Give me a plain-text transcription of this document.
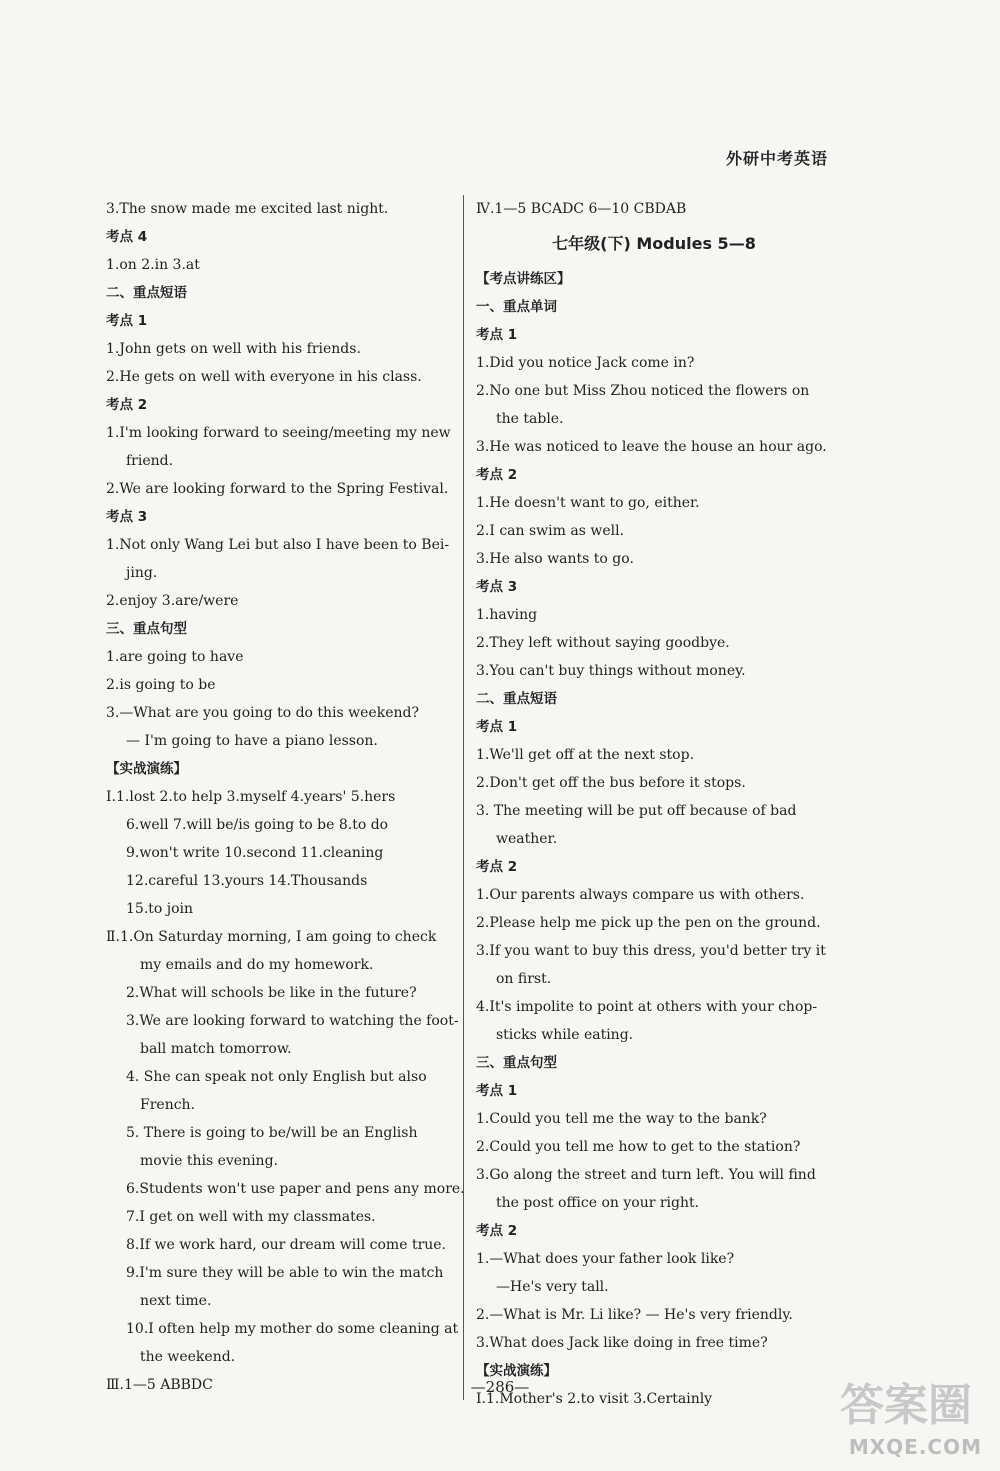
外研中考英语
3.The snow made me excited last night.
考点 4
1.on 2.in 3.at
二、重点短语
考点 1
1.John gets on well with his friends.
2.He gets on well with everyone in his class.
考点 2
1.I'm looking forward to seeing/meeting my new
friend.
2.We are looking forward to the Spring Festival.
考点 3
1.Not only Wang Lei but also I have been to Bei-
jing.
2.enjoy 3.are/were
三、重点句型
1.are going to have
2.is going to be
3.—What are you going to do this weekend?
— I'm going to have a piano lesson.
【实战演练】
Ⅰ.1.lost 2.to help 3.myself 4.years' 5.hers
6.well 7.will be/is going to be 8.to do
9.won't write 10.second 11.cleaning
12.careful 13.yours 14.Thousands
15.to join
Ⅱ.1.On Saturday morning, I am going to check
my emails and do my homework.
2.What will schools be like in the future?
3.We are looking forward to watching the foot-
ball match tomorrow.
4. She can speak not only English but also
French.
5. There is going to be/will be an English
movie this evening.
6.Students won't use paper and pens any more.
7.I get on well with my classmates.
8.If we work hard, our dream will come true.
9.I'm sure they will be able to win the match
next time.
10.I often help my mother do some cleaning at
the weekend.
Ⅲ.1—5 ABBDC
Ⅳ.1—5 BCADC 6—10 CBDAB
七年级(下) Modules 5—8
【考点讲练区】
一、重点单词
考点 1
1.Did you notice Jack come in?
2.No one but Miss Zhou noticed the flowers on
the table.
3.He was noticed to leave the house an hour ago.
考点 2
1.He doesn't want to go, either.
2.I can swim as well.
3.He also wants to go.
考点 3
1.having
2.They left without saying goodbye.
3.You can't buy things without money.
二、重点短语
考点 1
1.We'll get off at the next stop.
2.Don't get off the bus before it stops.
3. The meeting will be put off because of bad
weather.
考点 2
1.Our parents always compare us with others.
2.Please help me pick up the pen on the ground.
3.If you want to buy this dress, you'd better try it
on first.
4.It's impolite to point at others with your chop-
sticks while eating.
三、重点句型
考点 1
1.Could you tell me the way to the bank?
2.Could you tell me how to get to the station?
3.Go along the street and turn left. You will find
the post office on your right.
考点 2
1.—What does your father look like?
—He's very tall.
2.—What is Mr. Li like? — He's very friendly.
3.What does Jack like doing in free time?
【实战演练】
Ⅰ.1.Mother's 2.to visit 3.Certainly
—286—	答案圈
MXQE.COM
